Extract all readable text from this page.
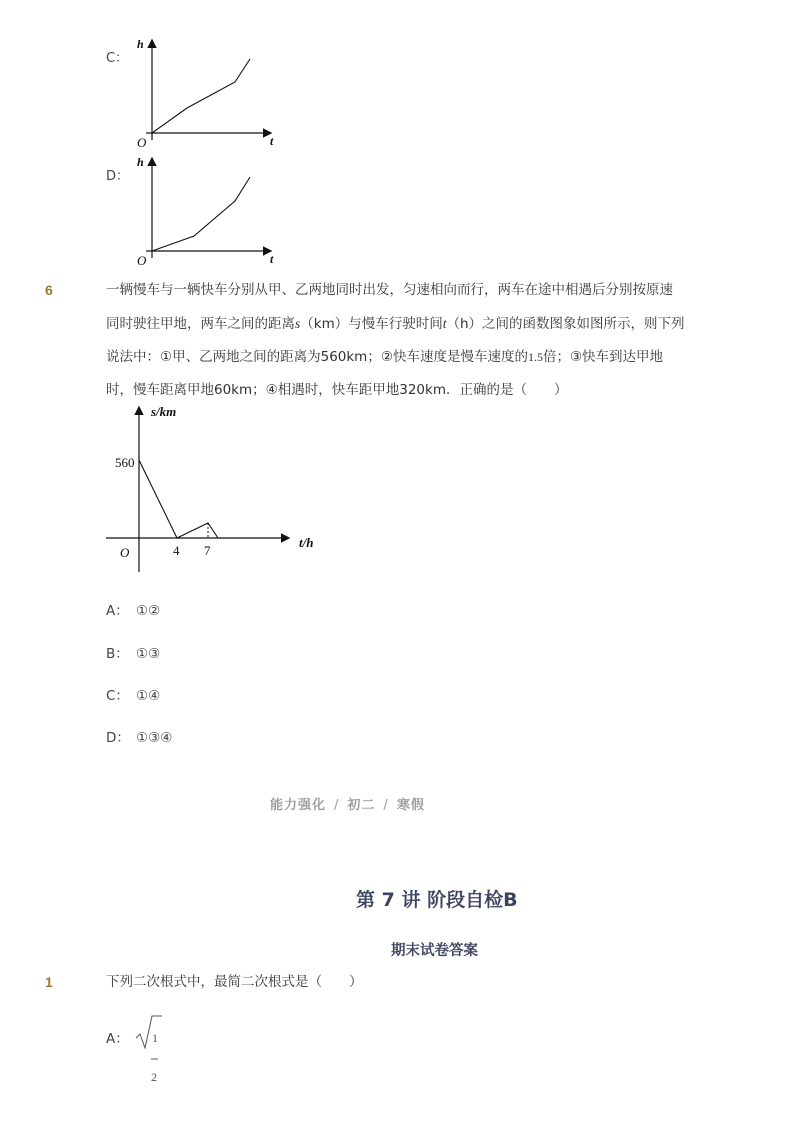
C：
h
t
O
D：
h
t
O
6	一辆慢车与一辆快车分别从甲、乙两地同时出发，匀速相向而行，两车在途中相遇后分别按原速
同时驶往甲地，两车之间的距离s（km）与慢车行驶时间t（h）之间的函数图象如图所示，则下列
说法中：①甲、乙两地之间的距离为560km；②快车速度是慢车速度的1.5倍；③快车到达甲地
时，慢车距离甲地60km；④相遇时，快车距甲地320km．正确的是（　　）
s/km
t/h
O
560
4 7
A： ①②
B： ①③
C： ①④
D： ①③④
能力强化 / 初二 / 寒假
第 7 讲 阶段自检B
期末试卷答案
1	下列二次根式中，最简二次根式是（　　）
A：	1
2
